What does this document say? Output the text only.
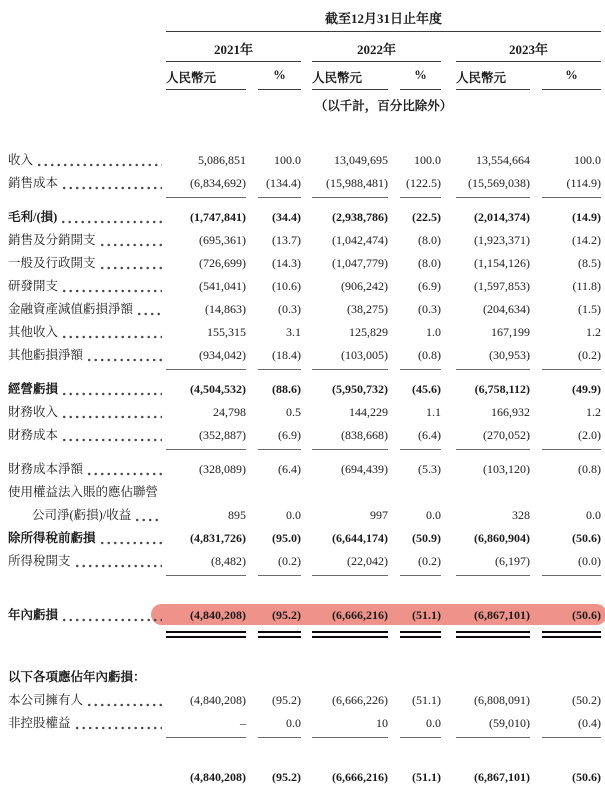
截至12月31日止年度
2021年	2022年	2023年
人民幣元	%	人民幣元	%	人民幣元	%
（以千計，百分比除外）
收入	5,086,851	100.0	13,049,695	100.0	13,554,664	100.0
銷售成本	(6,834,692)	(134.4)	(15,988,481)	(122.5)	(15,569,038)	(114.9)
毛利/(損)	(1,747,841)	(34.4)	(2,938,786)	(22.5)	(2,014,374)	(14.9)
銷售及分銷開支	(695,361)	(13.7)	(1,042,474)	(8.0)	(1,923,371)	(14.2)
一般及行政開支	(726,699)	(14.3)	(1,047,779)	(8.0)	(1,154,126)	(8.5)
研發開支	(541,041)	(10.6)	(906,242)	(6.9)	(1,597,853)	(11.8)
金融資產減值虧損淨額	(14,863)	(0.3)	(38,275)	(0.3)	(204,634)	(1.5)
其他收入	155,315	3.1	125,829	1.0	167,199	1.2
其他虧損淨額	(934,042)	(18.4)	(103,005)	(0.8)	(30,953)	(0.2)
經營虧損	(4,504,532)	(88.6)	(5,950,732)	(45.6)	(6,758,112)	(49.9)
財務收入	24,798	0.5	144,229	1.1	166,932	1.2
財務成本	(352,887)	(6.9)	(838,668)	(6.4)	(270,052)	(2.0)
財務成本淨額	(328,089)	(6.4)	(694,439)	(5.3)	(103,120)	(0.8)
使用權益法入賬的應佔聯營
公司淨(虧損)/收益	895	0.0	997	0.0	328	0.0
除所得稅前虧損	(4,831,726)	(95.0)	(6,644,174)	(50.9)	(6,860,904)	(50.6)
所得稅開支	(8,482)	(0.2)	(22,042)	(0.2)	(6,197)	(0.0)
年內虧損	(4,840,208)	(95.2)	(6,666,216)	(51.1)	(6,867,101)	(50.6)
以下各項應佔年內虧損：
本公司擁有人	(4,840,208)	(95.2)	(6,666,226)	(51.1)	(6,808,091)	(50.2)
非控股權益	–	0.0	10	0.0	(59,010)	(0.4)
(4,840,208)	(95.2)	(6,666,216)	(51.1)	(6,867,101)	(50.6)
